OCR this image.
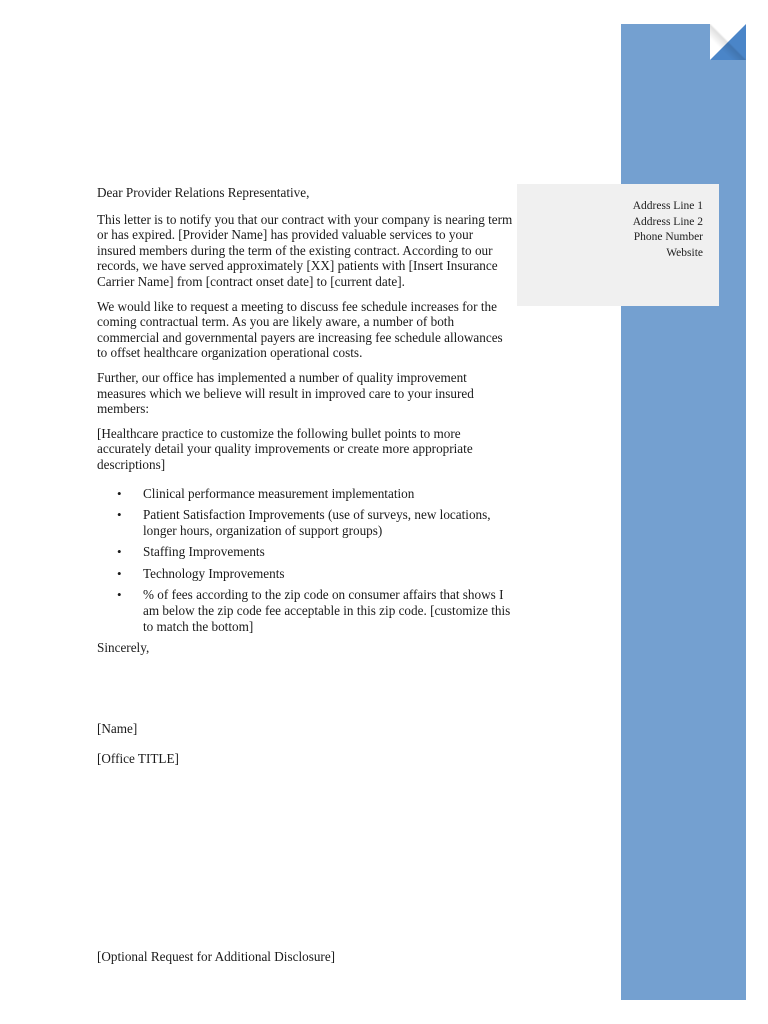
Address Line 1
Address Line 2
Phone Number
Website

Dear Provider Relations Representative,

This letter is to notify you that our contract with your company is nearing term or has expired. [Provider Name] has provided valuable services to your insured members during the term of the existing contract. According to our records, we have served approximately [XX] patients with [Insert Insurance Carrier Name] from [contract onset date] to [current date].

We would like to request a meeting to discuss fee schedule increases for the coming contractual term. As you are likely aware, a number of both commercial and governmental payers are increasing fee schedule allowances to offset healthcare organization operational costs.

Further, our office has implemented a number of quality improvement measures which we believe will result in improved care to your insured members:

[Healthcare practice to customize the following bullet points to more accurately detail your quality improvements or create more appropriate descriptions]

• Clinical performance measurement implementation
• Patient Satisfaction Improvements (use of surveys, new locations, longer hours, organization of support groups)
• Staffing Improvements
• Technology Improvements
• % of fees according to the zip code on consumer affairs that shows I am below the zip code fee acceptable in this zip code. [customize this to match the bottom]

Sincerely,

[Name]
[Office TITLE]
[Optional Request for Additional Disclosure]
